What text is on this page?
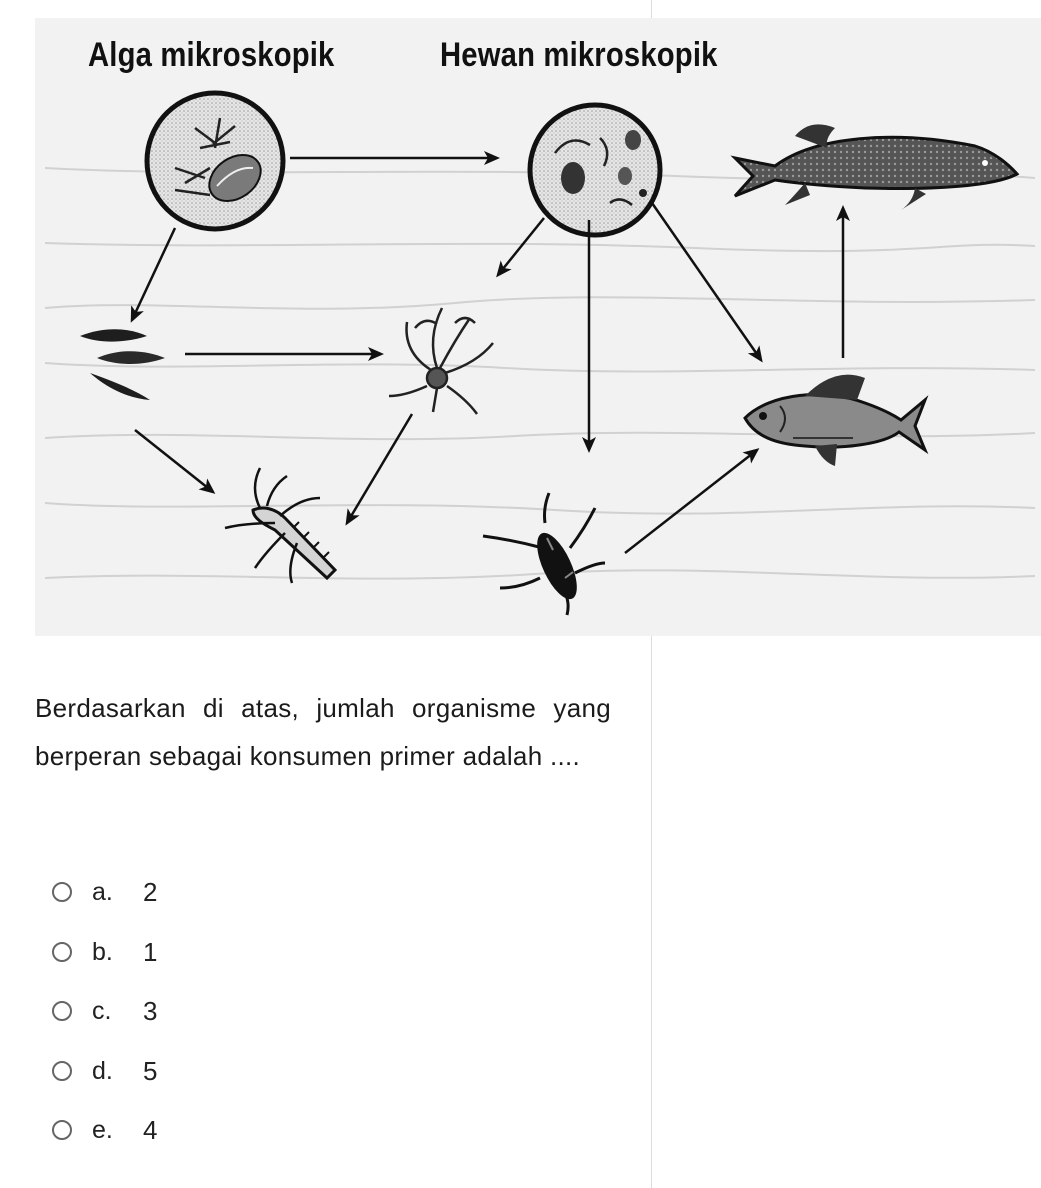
Alga mikroskopik	Hewan mikroskopik
Berdasarkan di atas, jumlah organisme yang berperan sebagai konsumen primer adalah ....
a. 2
b. 1
c. 3
d. 5
e. 4
